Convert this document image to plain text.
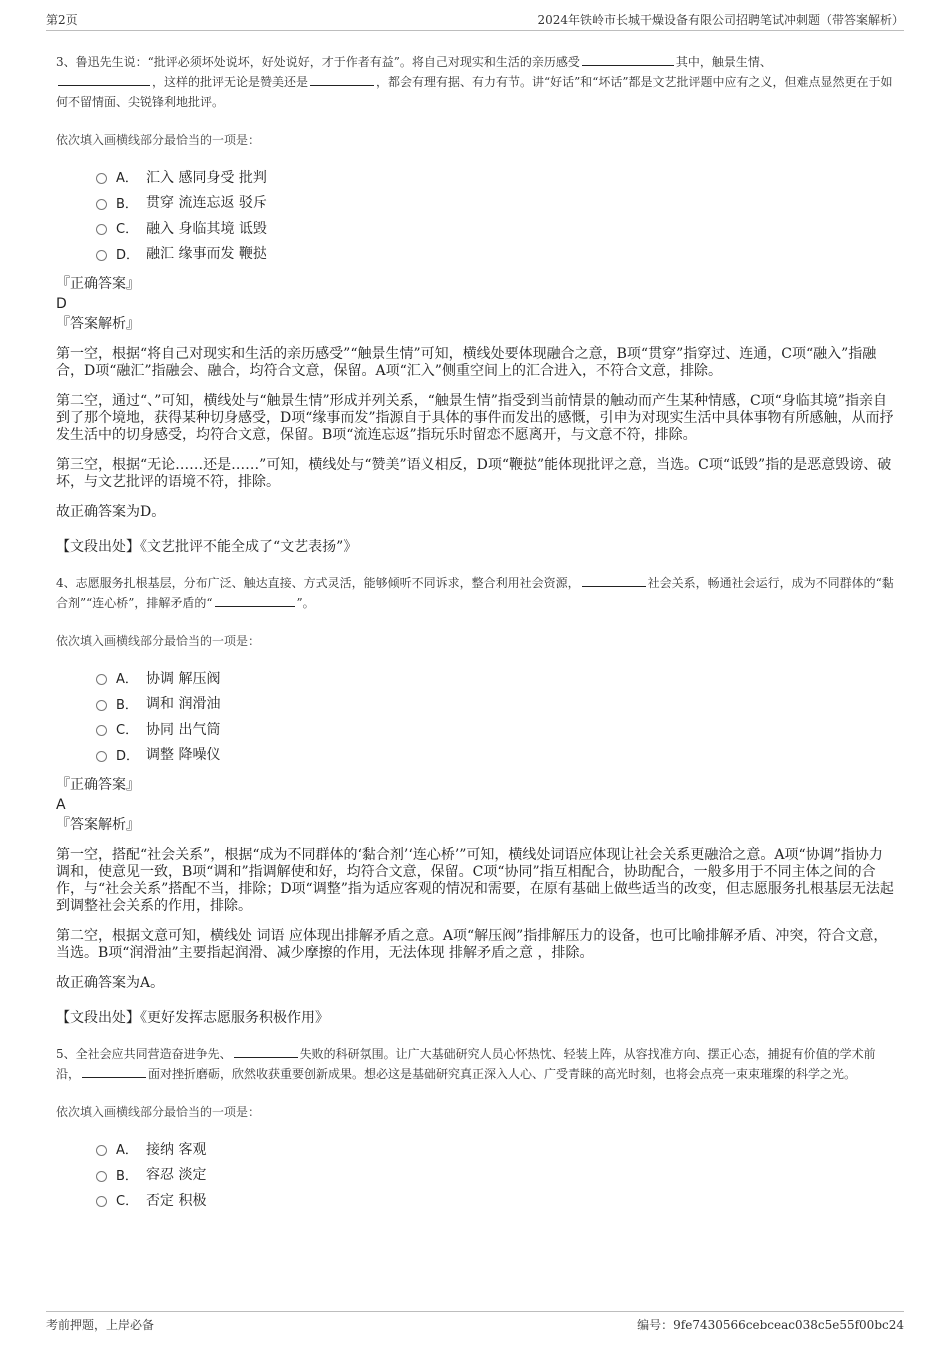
第2页	2024年铁岭市长城干燥设备有限公司招聘笔试冲刺题（带答案解析）

3、鲁迅先生说：“批评必须坏处说坏，好处说好，才于作者有益”。将自己对现实和生活的亲历感受	其中，触景生情、
，这样的批评无论是赞美还是	，都会有理有据、有力有节。讲“好话”和“坏话”都是文艺批评题中应有之义，但难点显然更在于如何不留情面、尖锐锋利地批评。

依次填入画横线部分最恰当的一项是：

A． 汇入 感同身受 批判
B． 贯穿 流连忘返 驳斥
C． 融入 身临其境 诋毁
D． 融汇 缘事而发 鞭挞

『正确答案』

D

『答案解析』

第一空，根据“将自己对现实和生活的亲历感受”“触景生情”可知，横线处要体现融合之意，B项“贯穿”指穿过、连通，C项“融入”指融合，D项“融汇”指融会、融合，均符合文意，保留。A项“汇入”侧重空间上的汇合进入，不符合文意，排除。

第二空，通过“、”可知，横线处与“触景生情”形成并列关系，“触景生情”指受到当前情景的触动而产生某种情感，C项“身临其境”指亲自到了那个境地，获得某种切身感受，D项“缘事而发”指源自于具体的事件而发出的感慨，引申为对现实生活中具体事物有所感触，从而抒发生活中的切身感受，均符合文意，保留。B项“流连忘返”指玩乐时留恋不愿离开，与文意不符，排除。

第三空，根据“无论……还是……”可知，横线处与“赞美”语义相反，D项“鞭挞”能体现批评之意，当选。C项“诋毁”指的是恶意毁谤、破坏，与文艺批评的语境不符，排除。

故正确答案为D。

【文段出处】《文艺批评不能全成了“文艺表扬”》

4、志愿服务扎根基层，分布广泛、触达直接、方式灵活，能够倾听不同诉求，整合利用社会资源，	社会关系，畅通社会运行，成为不同群体的“黏合剂”“连心桥”，排解矛盾的“	”。

依次填入画横线部分最恰当的一项是：

A． 协调 解压阀
B． 调和 润滑油
C． 协同 出气筒
D． 调整 降噪仪

『正确答案』

A

『答案解析』

第一空，搭配“社会关系”，根据“成为不同群体的‘黏合剂’‘连心桥’”可知，横线处词语应体现让社会关系更融洽之意。A项“协调”指协力调和，使意见一致，B项“调和”指调解使和好，均符合文意，保留。C项“协同”指互相配合，协助配合，一般多用于不同主体之间的合作，与“社会关系”搭配不当，排除；D项“调整”指为适应客观的情况和需要，在原有基础上做些适当的改变，但志愿服务扎根基层无法起到调整社会关系的作用，排除。

第二空，根据文意可知，横线处 词语 应体现出排解矛盾之意。A项“解压阀”指排解压力的设备，也可比喻排解矛盾、冲突，符合文意，当选。B项“润滑油”主要指起润滑、减少摩擦的作用，无法体现 排解矛盾之意 ，排除。

故正确答案为A。

【文段出处】《更好发挥志愿服务积极作用》

5、全社会应共同营造奋进争先、	失败的科研氛围。让广大基础研究人员心怀热忱、轻装上阵，从容找准方向、摆正心态，捕捉有价值的学术前沿，	面对挫折磨砺，欣然收获重要创新成果。想必这是基础研究真正深入人心、广受青睐的高光时刻，也将会点亮一束束璀璨的科学之光。

依次填入画横线部分最恰当的一项是：

A． 接纳 客观
B． 容忍 淡定
C． 否定 积极
考前押题，上岸必备	编号：9fe7430566cebceac038c5e55f00bc24
